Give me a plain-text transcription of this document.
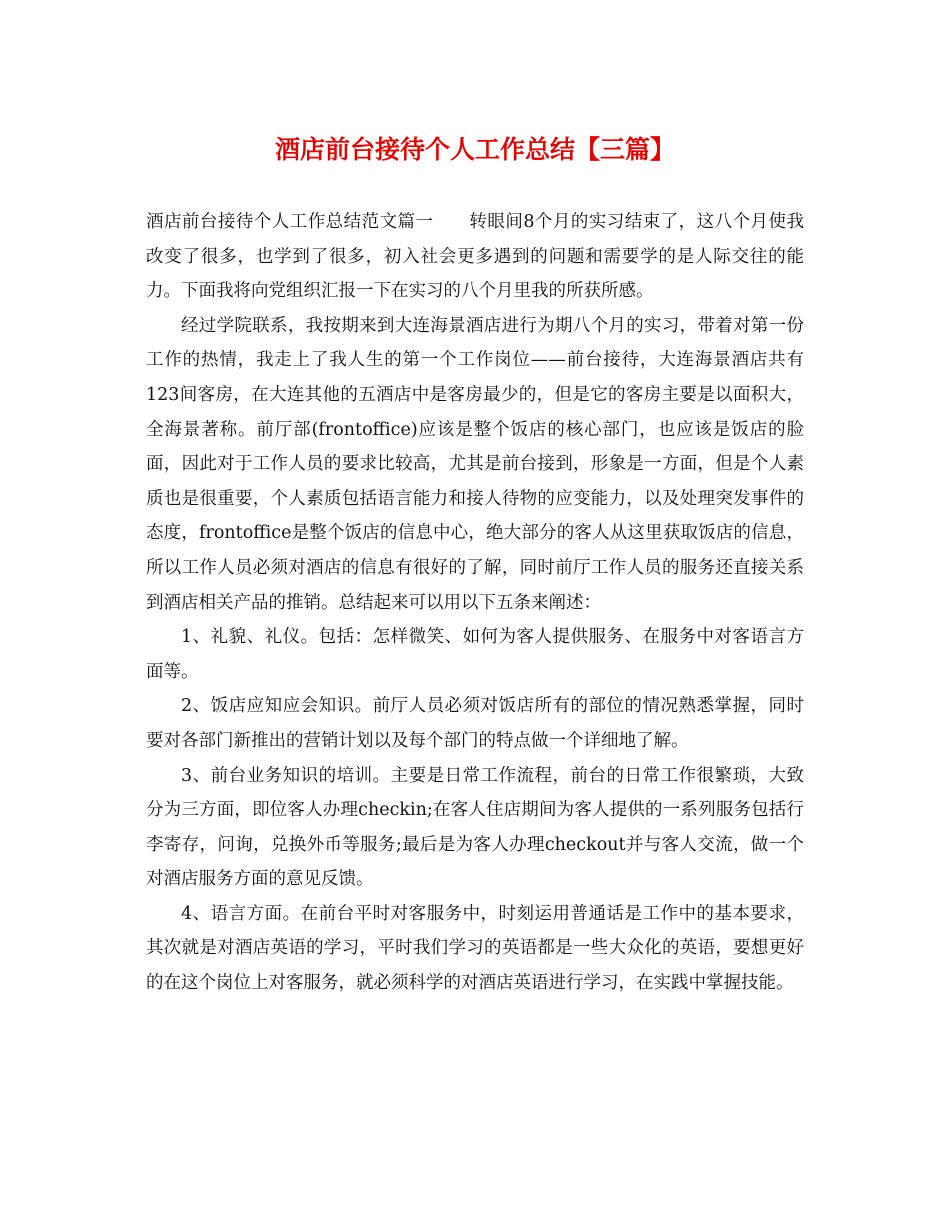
酒店前台接待个人工作总结【三篇】

酒店前台接待个人工作总结范文篇一　　转眼间8个月的实习结束了，这八个月使我改变了很多，也学到了很多，初入社会更多遇到的问题和需要学的是人际交往的能力。下面我将向党组织汇报一下在实习的八个月里我的所获所感。

经过学院联系，我按期来到大连海景酒店进行为期八个月的实习，带着对第一份工作的热情，我走上了我人生的第一个工作岗位——前台接待，大连海景酒店共有123间客房，在大连其他的五酒店中是客房最少的，但是它的客房主要是以面积大，全海景著称。前厅部(frontoffice)应该是整个饭店的核心部门，也应该是饭店的脸面，因此对于工作人员的要求比较高，尤其是前台接到，形象是一方面，但是个人素质也是很重要，个人素质包括语言能力和接人待物的应变能力，以及处理突发事件的态度，frontoffice是整个饭店的信息中心，绝大部分的客人从这里获取饭店的信息，所以工作人员必须对酒店的信息有很好的了解，同时前厅工作人员的服务还直接关系到酒店相关产品的推销。总结起来可以用以下五条来阐述：

1、礼貌、礼仪。包括：怎样微笑、如何为客人提供服务、在服务中对客语言方面等。

2、饭店应知应会知识。前厅人员必须对饭店所有的部位的情况熟悉掌握，同时要对各部门新推出的营销计划以及每个部门的特点做一个详细地了解。

3、前台业务知识的培训。主要是日常工作流程，前台的日常工作很繁琐，大致分为三方面，即位客人办理checkin;在客人住店期间为客人提供的一系列服务包括行李寄存，问询，兑换外币等服务;最后是为客人办理checkout并与客人交流，做一个对酒店服务方面的意见反馈。

4、语言方面。在前台平时对客服务中，时刻运用普通话是工作中的基本要求，其次就是对酒店英语的学习，平时我们学习的英语都是一些大众化的英语，要想更好的在这个岗位上对客服务，就必须科学的对酒店英语进行学习，在实践中掌握技能。
